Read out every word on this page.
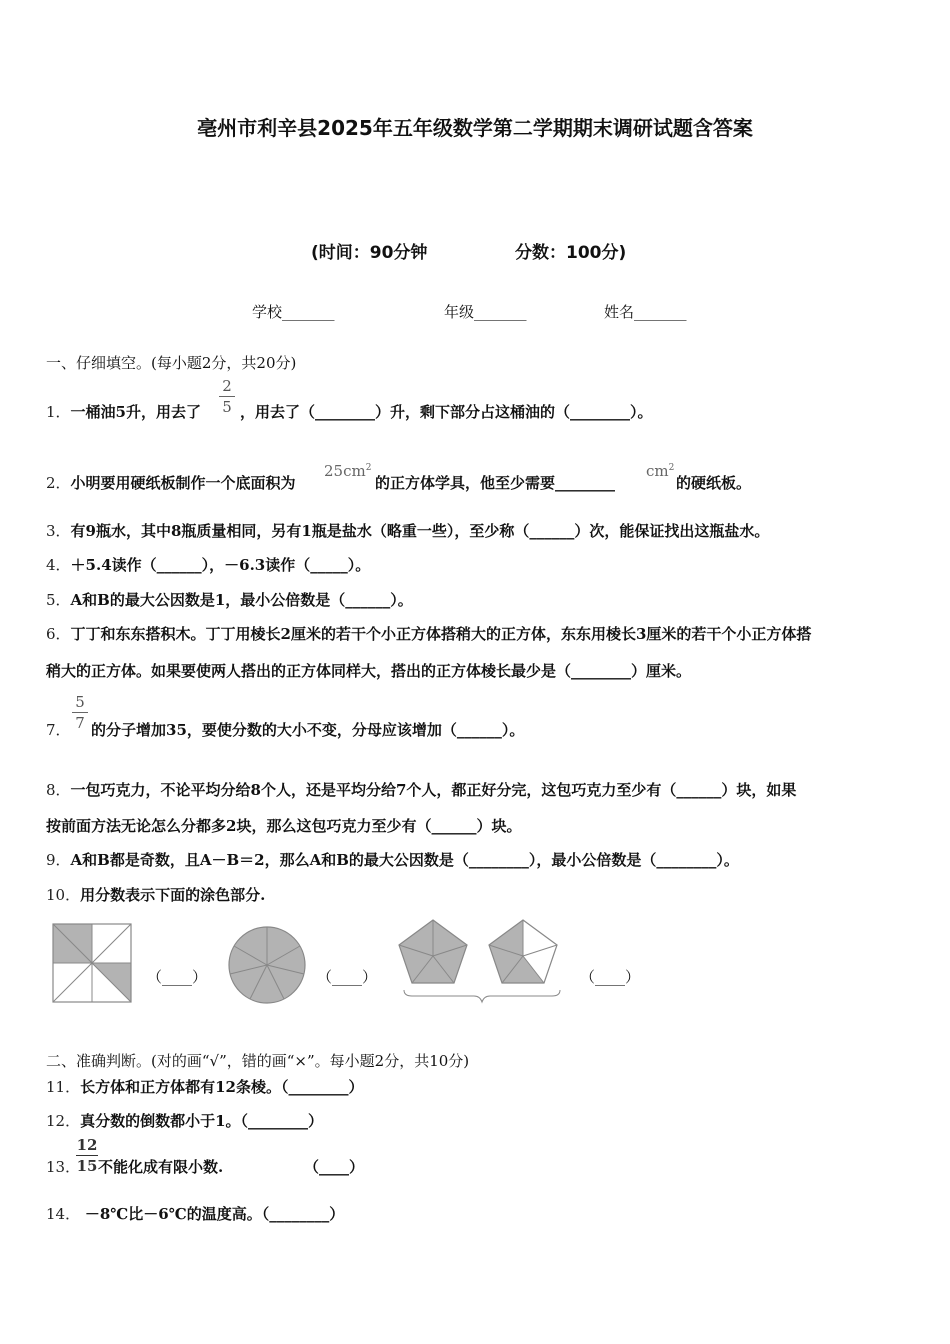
亳州市利辛县2025年五年级数学第二学期期末调研试题含答案
(时间：90分钟	分数：100分)
学校_______	年级_______	姓名_______
一、仔细填空。(每小题2分，共20分)
1．一桶油5升，用去了
2
5 ，用去了（________）升，剩下部分占这桶油的（________）。
2．小明要用硬纸板制作一个底面积为
$25cm^2$
的正方体学具，他至少需要________
$cm^2$
的硬纸板。
3．有9瓶水，其中8瓶质量相同，另有1瓶是盐水（略重一些），至少称（______）次，能保证找出这瓶盐水。
4．＋5.4读作（______），－6.3读作（_____）。
5．A和B的最大公因数是1，最小公倍数是（______）。
6．丁丁和东东搭积木。丁丁用棱长2厘米的若干个小正方体搭稍大的正方体，东东用棱长3厘米的若干个小正方体搭
稍大的正方体。如果要使两人搭出的正方体同样大，搭出的正方体棱长最少是（________）厘米。
5
7
7． 的分子增加35，要使分数的大小不变，分母应该增加（______）。
8．一包巧克力，不论平均分给8个人，还是平均分给7个人，都正好分完，这包巧克力至少有（______）块，如果
按前面方法无论怎么分都多2块，那么这包巧克力至少有（______）块。
9．A和B都是奇数，且A－B＝2，那么A和B的最大公因数是（________），最小公倍数是（________）。
10．用分数表示下面的涂色部分.
（____）	（____）	（____）
二、准确判断。(对的画“√”，错的画“×”。每小题2分，共10分)
11．长方体和正方体都有12条棱。（________）
12．真分数的倒数都小于1。（________）
13．
12
15 不能化成有限小数.	（____）
14． －8℃比－6℃的温度高。（________）
